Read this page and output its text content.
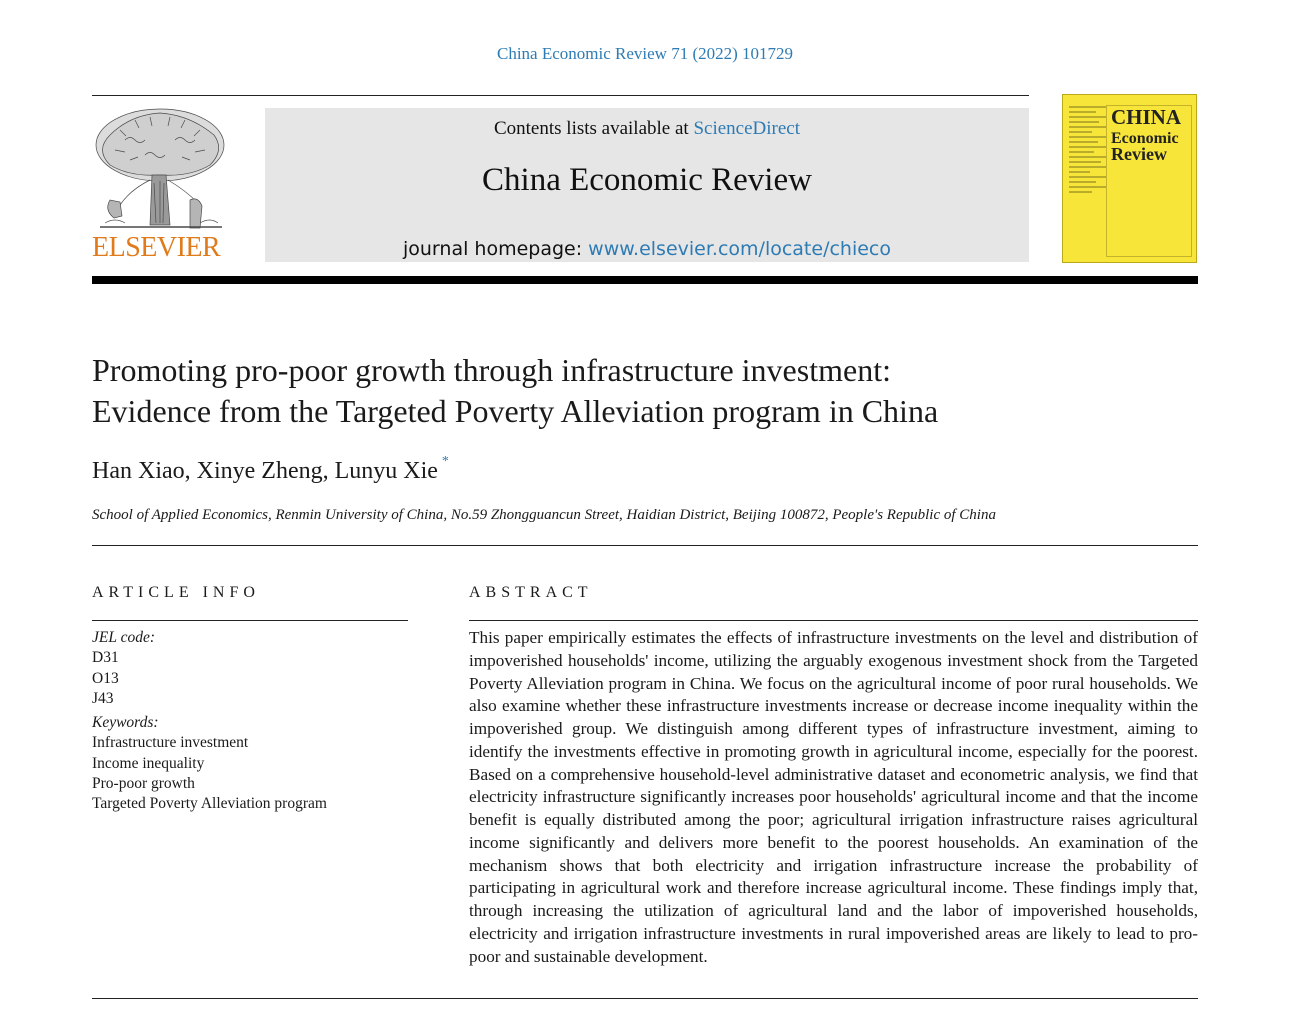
China Economic Review 71 (2022) 101729
ELSEVIER
Contents lists available at ScienceDirect
China Economic Review
journal homepage: www.elsevier.com/locate/chieco
CHINA
Economic
Review
Promoting pro-poor growth through infrastructure investment:
Evidence from the Targeted Poverty Alleviation program in China
Han Xiao, Xinye Zheng, Lunyu Xie *
School of Applied Economics, Renmin University of China, No.59 Zhongguancun Street, Haidian District, Beijing 100872, People's Republic of China
ARTICLE INFO
JEL code:
D31
O13
J43
Keywords:
Infrastructure investment
Income inequality
Pro-poor growth
Targeted Poverty Alleviation program
ABSTRACT
This paper empirically estimates the effects of infrastructure investments on the level and distribution of impoverished households' income, utilizing the arguably exogenous investment shock from the Targeted Poverty Alleviation program in China. We focus on the agricultural income of poor rural households. We also examine whether these infrastructure investments increase or decrease income inequality within the impoverished group. We distinguish among different types of infrastructure investment, aiming to identify the investments effective in promoting growth in agricultural income, especially for the poorest. Based on a comprehensive household-level administrative dataset and econometric analysis, we find that electricity infrastructure significantly increases poor households' agricultural income and that the income benefit is equally distributed among the poor; agricultural irrigation infrastructure raises agricultural income significantly and delivers more benefit to the poorest households. An examination of the mechanism shows that both electricity and irrigation infrastructure increase the probability of participating in agricultural work and therefore increase agricultural income. These findings imply that, through increasing the utilization of agricultural land and the labor of impoverished households, electricity and irrigation infrastructure investments in rural impoverished areas are likely to lead to pro-poor and sustainable development.
